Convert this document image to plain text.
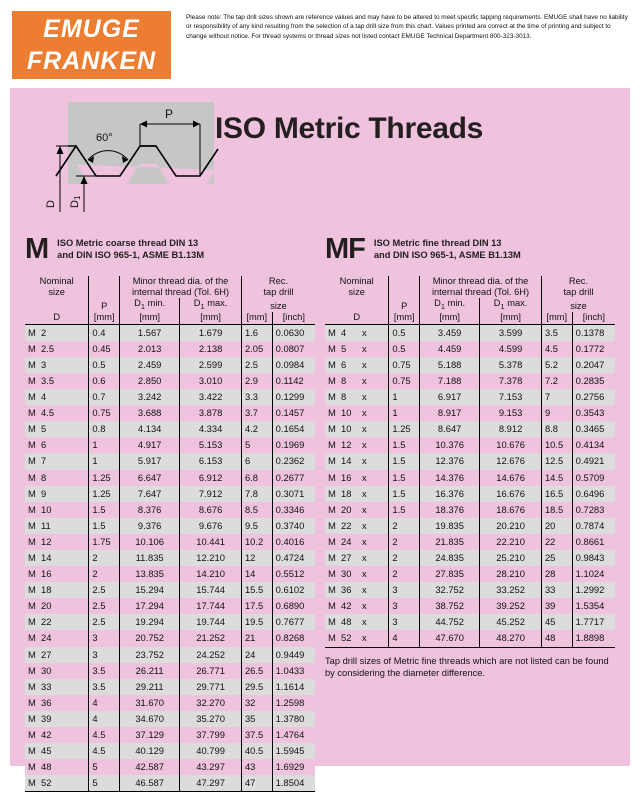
EMUGE
FRANKEN
Please note: The tap drill sizes shown are reference values and may have to be altered to meet specific tapping requirements. EMUGE shall have no liability or responsibility of any kind resulting from the selection of a tap drill size from this chart. Values printed are correct at the time of printing and subject to change without notice. For thread systems or thread sizes not listed contact EMUGE Technical Department 800-323-3013.
60°
P
D D1
ISO Metric Threads
M ISO Metric coarse thread DIN 13
and DIN ISO 965-1, ASME B1.13M
Nominal		Minor thread dia. of the		Rec.	
size		internal thread (Tol. 6H)		tap drill	
	P	$D_1$ min.	$D_1$ max.	size	
D	[mm]	[mm]	[mm]	[mm]	[inch]
M 2	0.4	1.567	1.679	1.6	0.0630
M 2.5	0.45	2.013	2.138	2.05	0.0807
M 3	0.5	2.459	2.599	2.5	0.0984
M 3.5	0.6	2.850	3.010	2.9	0.1142
M 4	0.7	3.242	3.422	3.3	0.1299
M 4.5	0.75	3.688	3.878	3.7	0.1457
M 5	0.8	4.134	4.334	4.2	0.1654
M 6	1	4.917	5.153	5	0.1969
M 7	1	5.917	6.153	6	0.2362
M 8	1.25	6.647	6.912	6.8	0.2677
M 9	1.25	7.647	7.912	7.8	0.3071
M 10	1.5	8.376	8.676	8.5	0.3346
M 11	1.5	9.376	9.676	9.5	0.3740
M 12	1.75	10.106	10.441	10.2	0.4016
M 14	2	11.835	12.210	12	0.4724
M 16	2	13.835	14.210	14	0.5512
M 18	2.5	15.294	15.744	15.5	0.6102
M 20	2.5	17.294	17.744	17.5	0.6890
M 22	2.5	19.294	19.744	19.5	0.7677
M 24	3	20.752	21.252	21	0.8268
M 27	3	23.752	24.252	24	0.9449
M 30	3.5	26.211	26.771	26.5	1.0433
M 33	3.5	29.211	29.771	29.5	1.1614
M 36	4	31.670	32.270	32	1.2598
M 39	4	34.670	35.270	35	1.3780
M 42	4.5	37.129	37.799	37.5	1.4764
M 45	4.5	40.129	40.799	40.5	1.5945
M 48	5	42.587	43.297	43	1.6929
M 52	5	46.587	47.297	47	1.8504
MF ISO Metric fine thread DIN 13
and DIN ISO 965-1, ASME B1.13M
Nominal		Minor thread dia. of the		Rec.	
size		internal thread (Tol. 6H)		tap drill	
	P	$D_1$ min.	$D_1$ max.	size	
D	[mm]	[mm]	[mm]	[mm]	[inch]
M 4 x	0.5	3.459	3.599	3.5	0.1378
M 5 x	0.5	4.459	4.599	4.5	0.1772
M 6 x	0.75	5.188	5.378	5.2	0.2047
M 8 x	0.75	7.188	7.378	7.2	0.2835
M 8 x	1	6.917	7.153	7	0.2756
M 10 x	1	8.917	9.153	9	0.3543
M 10 x	1.25	8.647	8.912	8.8	0.3465
M 12 x	1.5	10.376	10.676	10.5	0.4134
M 14 x	1.5	12.376	12.676	12.5	0.4921
M 16 x	1.5	14.376	14.676	14.5	0.5709
M 18 x	1.5	16.376	16.676	16.5	0.6496
M 20 x	1.5	18.376	18.676	18.5	0.7283
M 22 x	2	19.835	20.210	20	0.7874
M 24 x	2	21.835	22.210	22	0.8661
M 27 x	2	24.835	25.210	25	0.9843
M 30 x	2	27.835	28.210	28	1.1024
M 36 x	3	32.752	33.252	33	1.2992
M 42 x	3	38.752	39.252	39	1.5354
M 48 x	3	44.752	45.252	45	1.7717
M 52 x	4	47.670	48.270	48	1.8898
Tap drill sizes of Metric fine threads which are not listed can be found by considering the diameter difference.
